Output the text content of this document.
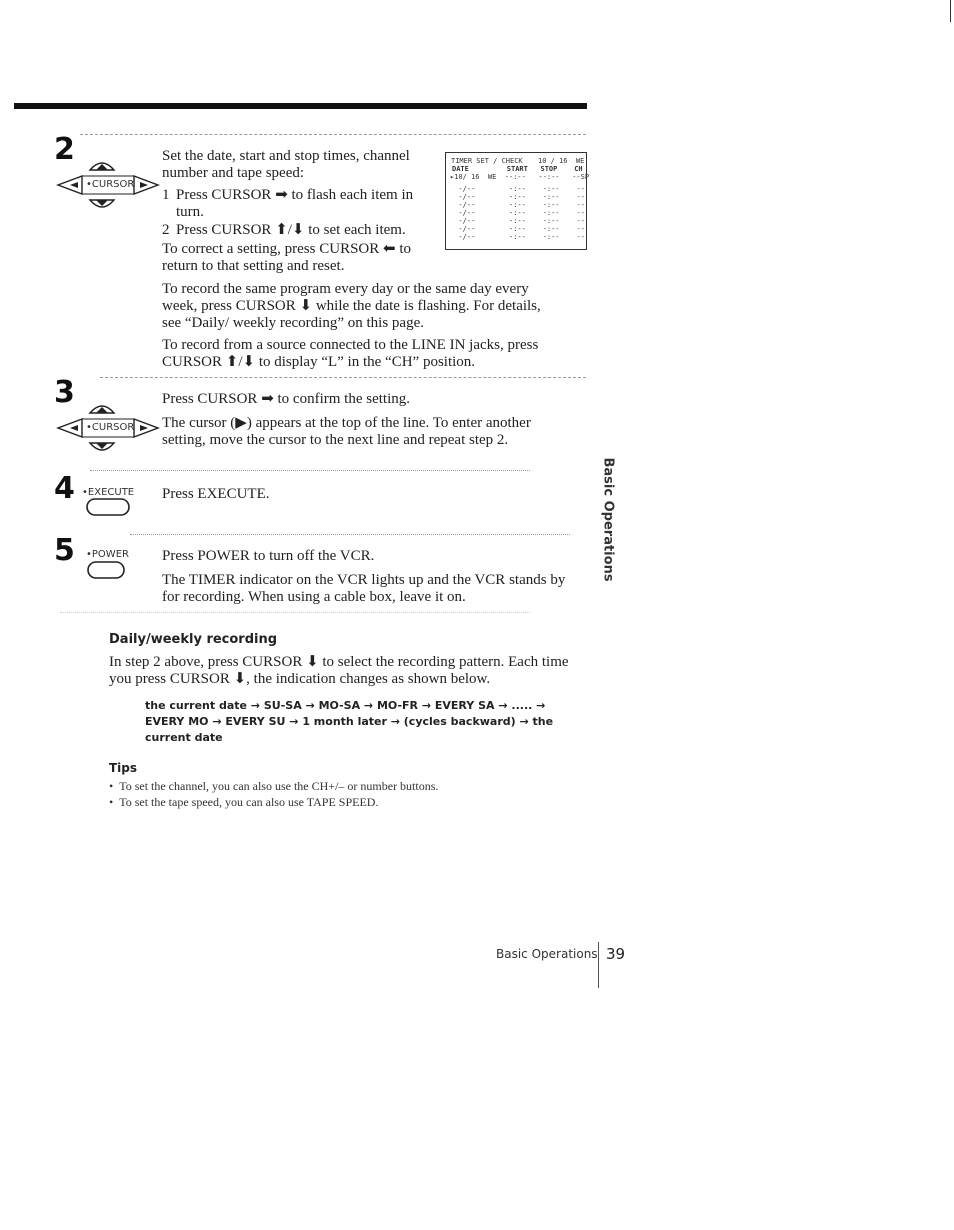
2
•CURSOR

Set the date, start and stop times, channel number and tape speed:

1 Press CURSOR ➡ to flash each item in turn.

2 Press CURSOR ⬆/⬇ to set each item.

To correct a setting, press CURSOR ⬅ to return to that setting and reset.

To record the same program every day or the same day every week, press CURSOR ⬇ while the date is flashing. For details, see “Daily/ weekly recording” on this page.

To record from a source connected to the LINE IN jacks, press CURSOR ⬆/⬇ to display “L” in the “CH” position.

TIMER SET / CHECK 10 / 16  WE
DATE         START   STOP    CH
▸10/ 16  WE  --:--   --:--   --SP
-/--        -:--    -:--    --
-/--        -:--    -:--    --
-/--        -:--    -:--    --
-/--        -:--    -:--    --
-/--        -:--    -:--    --
-/--        -:--    -:--    --
-/--        -:--    -:--    --
3
•CURSOR

Press CURSOR ➡ to confirm the setting.

The cursor (▶) appears at the top of the line. To enter another setting, move the cursor to the next line and repeat step 2.

4 •EXECUTE Press EXECUTE.

5 •POWER Press POWER to turn off the VCR.

The TIMER indicator on the VCR lights up and the VCR stands by for recording. When using a cable box, leave it on.

Basic Operations
Daily/weekly recording

In step 2 above, press CURSOR ⬇ to select the recording pattern. Each time you press CURSOR ⬇, the indication changes as shown below.

the current date → SU-SA → MO-SA → MO-FR → EVERY SA → ..... →
EVERY MO → EVERY SU → 1 month later → (cycles backward) → the
current date
Tips
•  To set the channel, you can also use the CH+/– or number buttons.
•  To set the tape speed, you can also use TAPE SPEED.
Basic Operations 39
